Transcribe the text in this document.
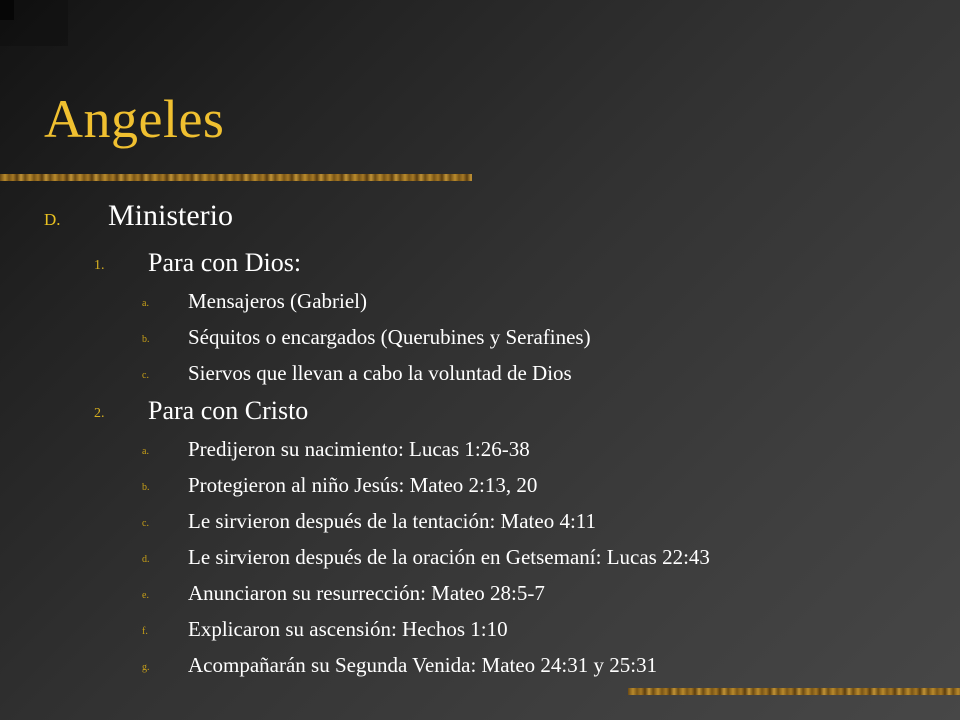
Angeles
D. Ministerio
1. Para con Dios:
a. Mensajeros (Gabriel)
b. Séquitos o encargados (Querubines y Serafines)
c. Siervos que llevan a cabo la voluntad de Dios
2. Para con Cristo
a. Predijeron su nacimiento: Lucas 1:26-38
b. Protegieron al niño Jesús: Mateo 2:13, 20
c. Le sirvieron después de la tentación: Mateo 4:11
d. Le sirvieron después de la oración en Getsemaní: Lucas 22:43
e. Anunciaron su resurrección: Mateo 28:5-7
f. Explicaron su ascensión: Hechos 1:10
g. Acompañarán su Segunda Venida: Mateo 24:31 y 25:31
